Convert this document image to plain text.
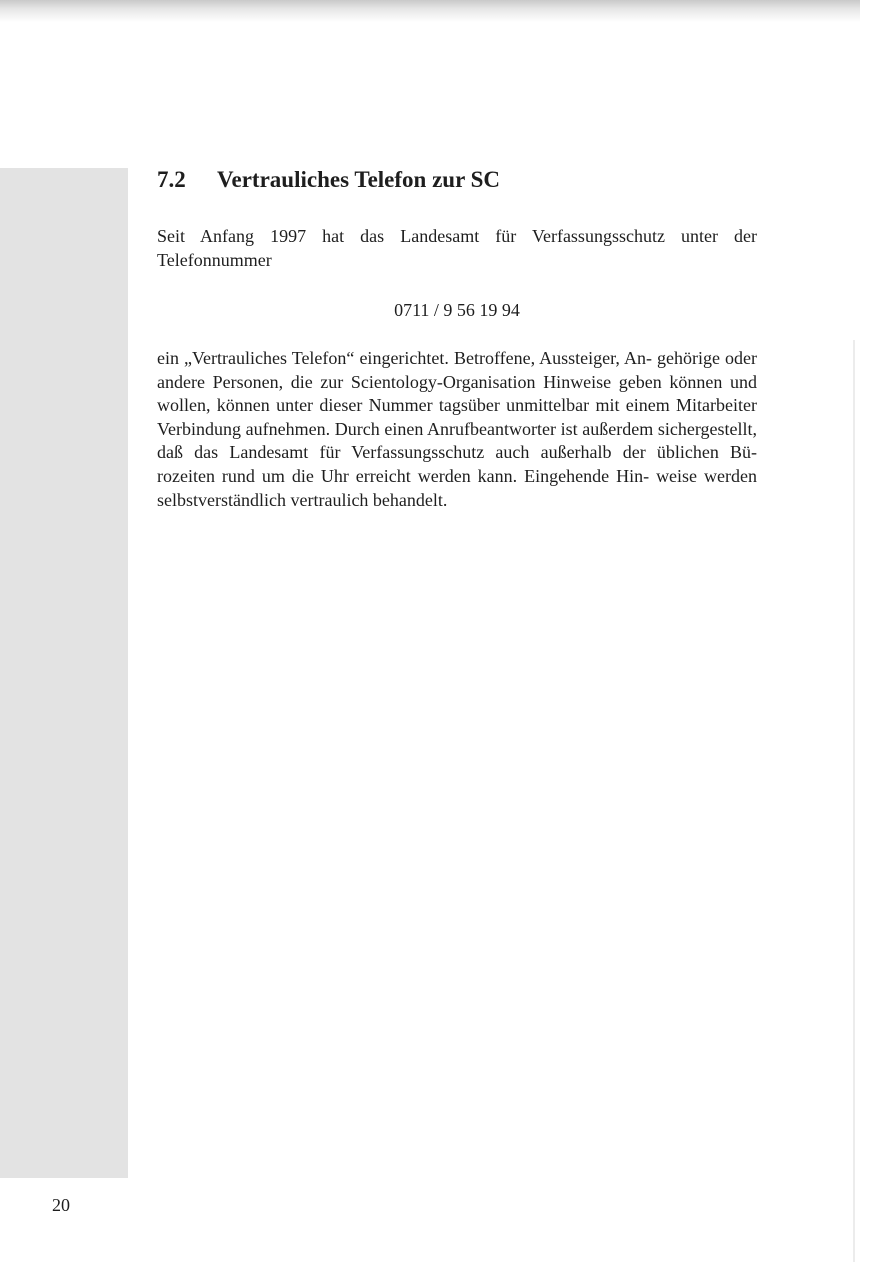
7.2 Vertrauliches Telefon zur SC

Seit Anfang 1997 hat das Landesamt für Verfassungsschutz unter der Telefonnummer

0711 / 9 56 19 94

ein „Vertrauliches Telefon“ eingerichtet. Betroffene, Aussteiger, An- gehörige oder andere Personen, die zur Scientology-Organisation Hinweise geben können und wollen, können unter dieser Nummer tagsüber unmittelbar mit einem Mitarbeiter Verbindung aufnehmen. Durch einen Anrufbeantworter ist außerdem sichergestellt, daß das Landesamt für Verfassungsschutz auch außerhalb der üblichen Bü- rozeiten rund um die Uhr erreicht werden kann. Eingehende Hin- weise werden selbstverständlich vertraulich behandelt.

20
